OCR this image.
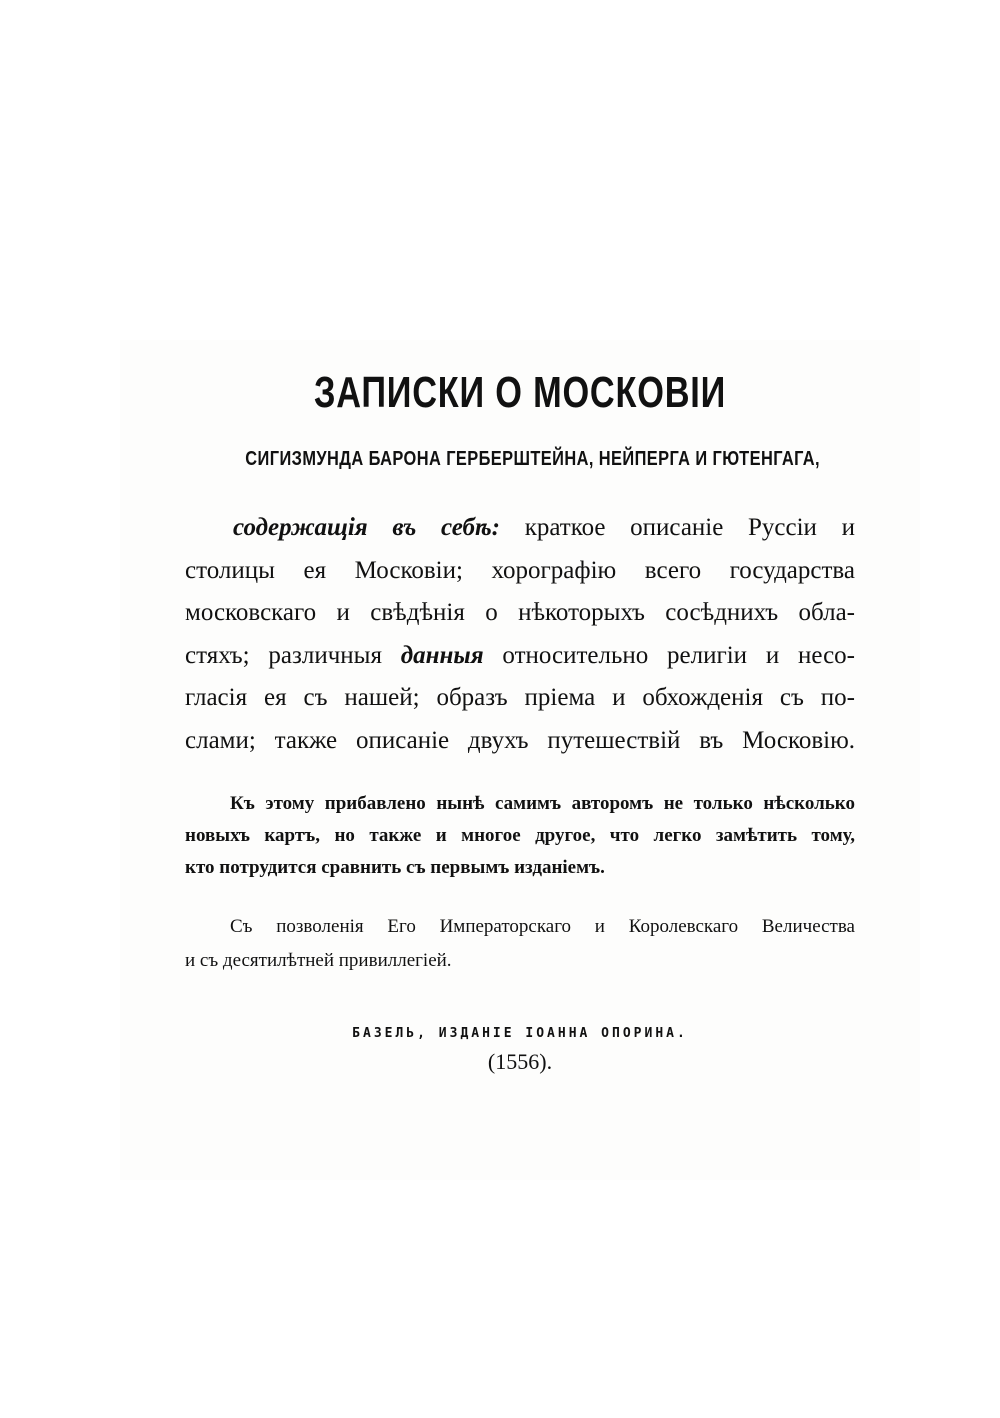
ЗАПИСКИ О МОСКОВІИ
СИГИЗМУНДА БАРОНА ГЕРБЕРШТЕЙНА, НЕЙПЕРГА И ГЮТЕНГАГА,
содержащія въ себѣ: краткое описаніе Руссіи и
столицы ея Московіи; хорографію всего государства
московскаго и свѣдѣнія о нѣкоторыхъ сосѣднихъ обла-
стяхъ; различныя данныя относительно религіи и несо-
гласія ея съ нашей; образъ пріема и обхожденія съ по-
слами; также описаніе двухъ путешествій въ Московію.
Къ этому прибавлено нынѣ самимъ авторомъ не только нѣсколько
новыхъ картъ, но также и многое другое, что легко замѣтить тому,
кто потрудится сравнить съ первымъ изданіемъ.
Съ позволенія Его Императорскаго и Королевскаго Величества
и съ десятилѣтней привиллегіей.
БАЗЕЛЬ, ИЗДАНІЕ ІОАННА ОПОРИНА.
(1556).
